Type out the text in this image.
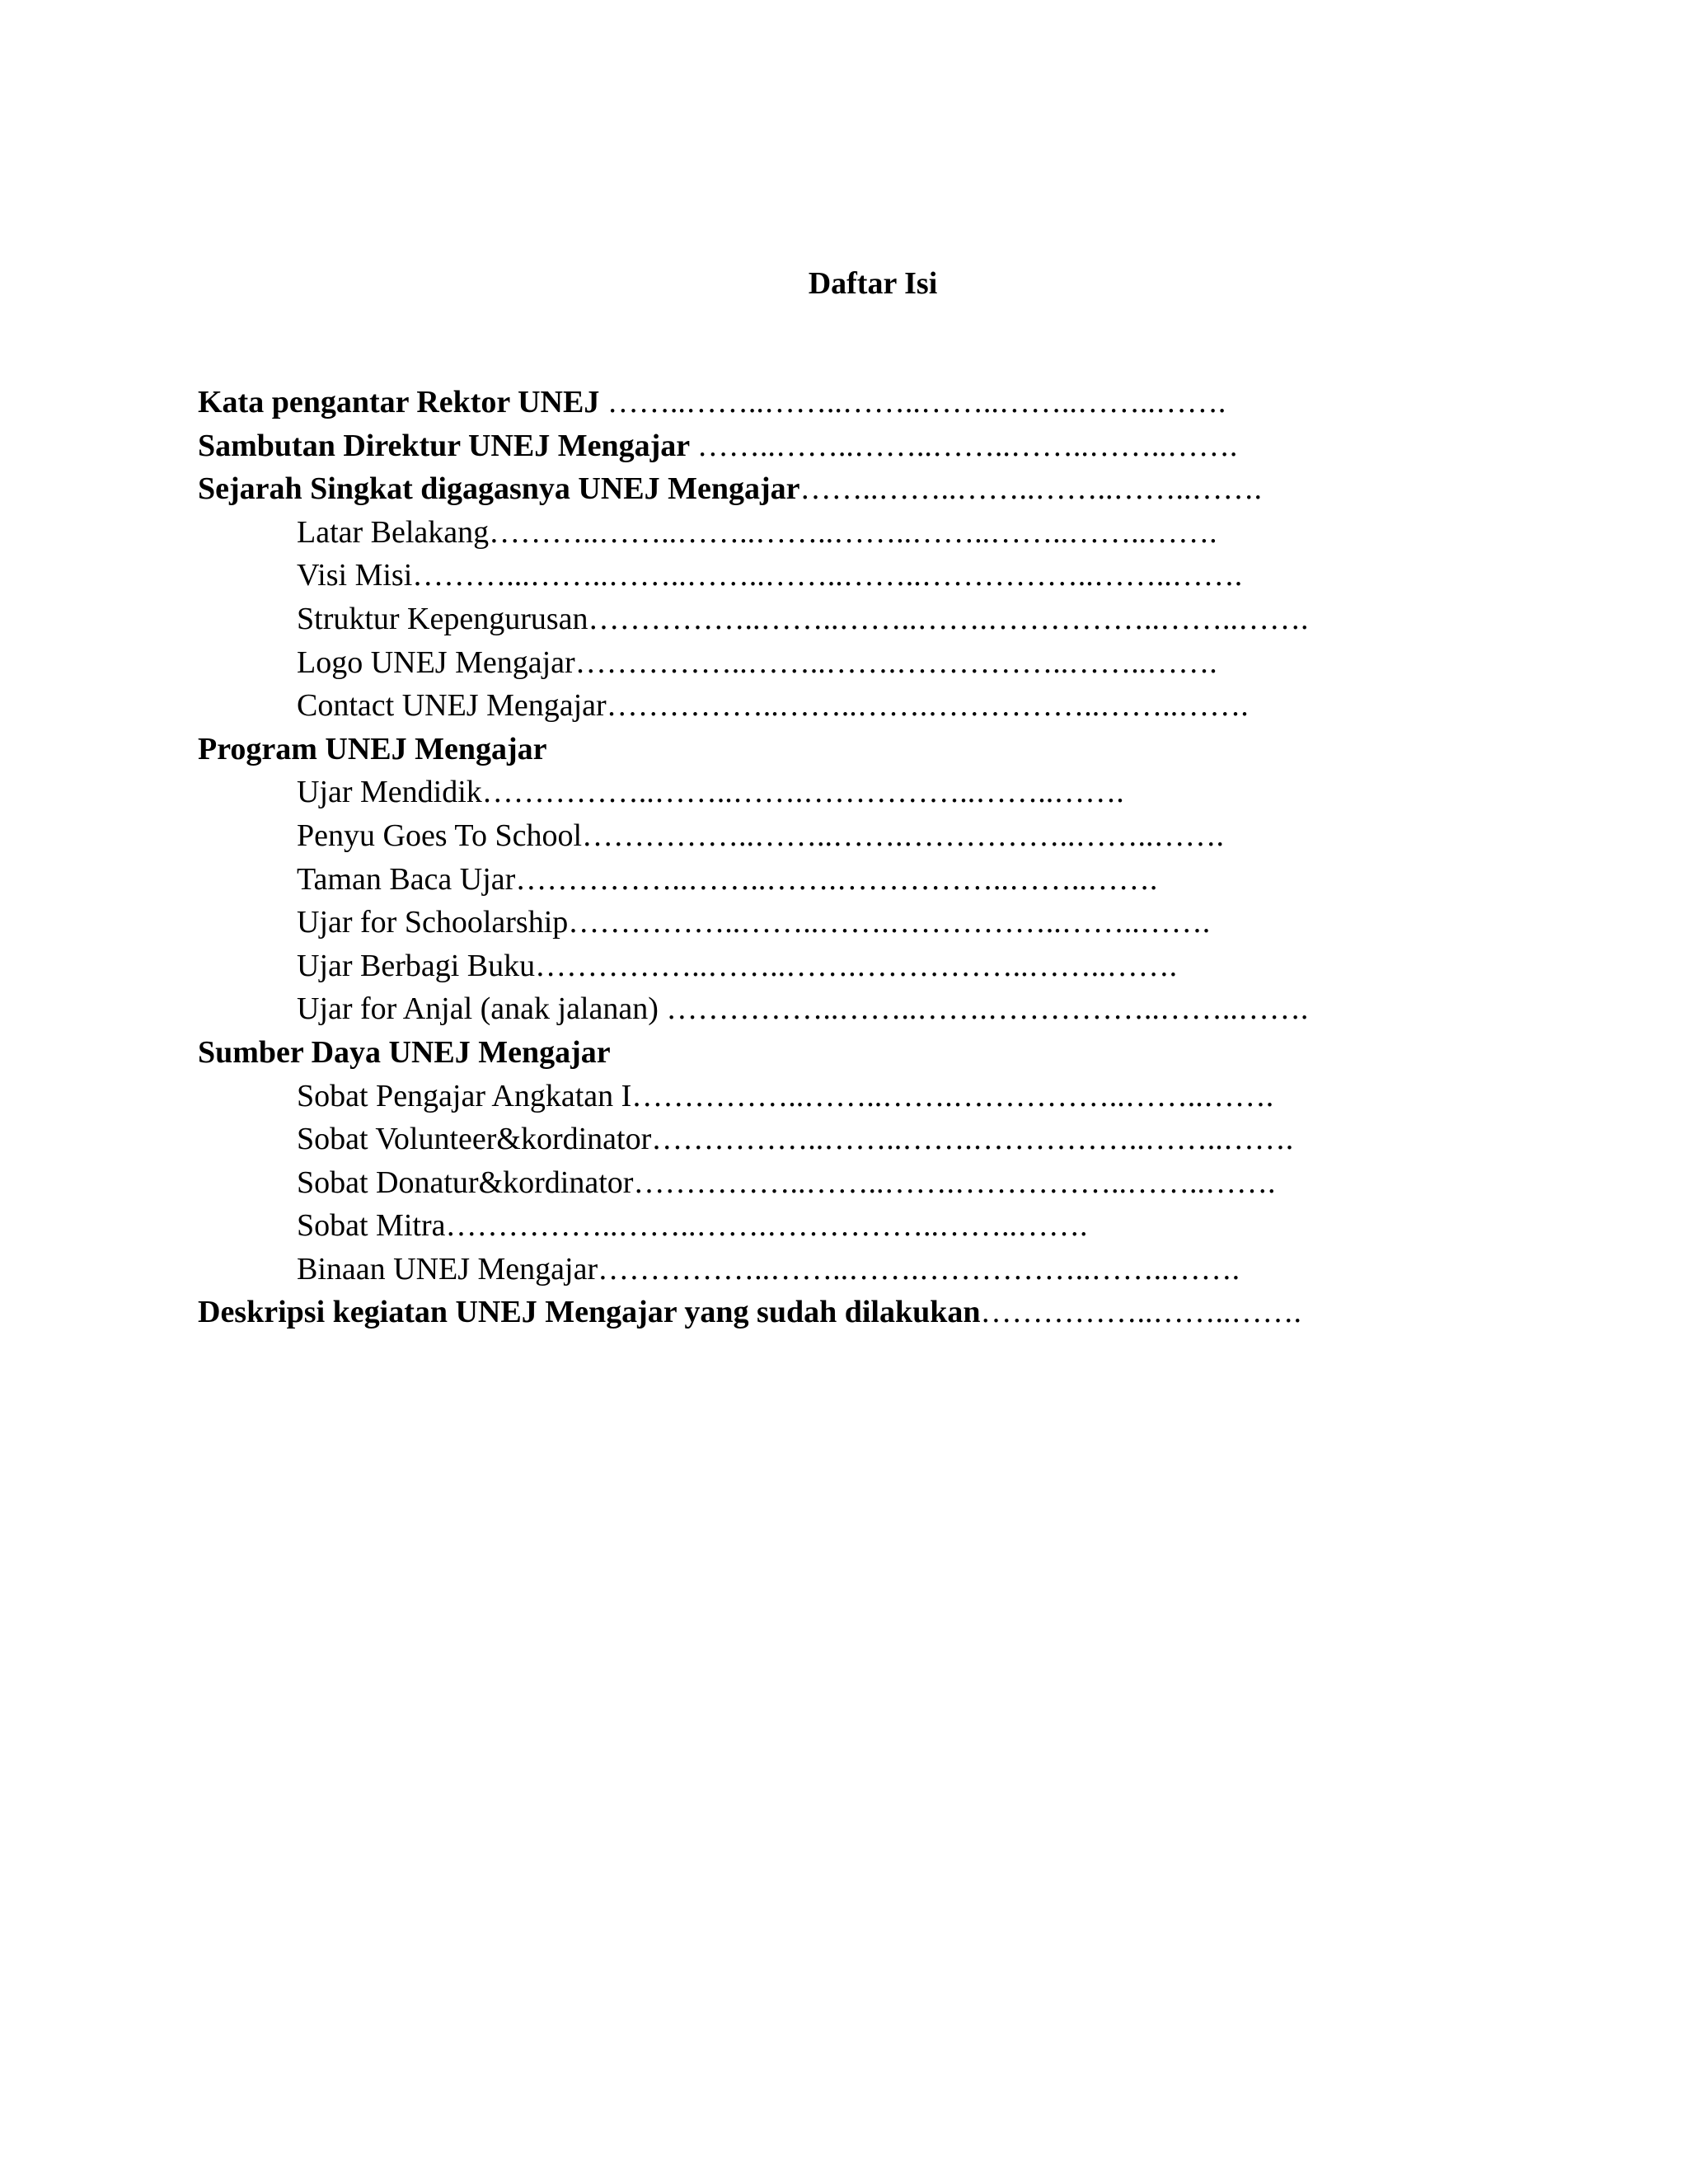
Daftar Isi
Kata pengantar Rektor UNEJ ……..……..……..……..……..……..……..…….
Sambutan Direktur UNEJ Mengajar ……..……..……..……..……..……..…….
Sejarah Singkat digagasnya UNEJ Mengajar……..……..……..……..……..…….
Latar Belakang………..……..……..……..……..……..……..……..…….
Visi Misi………...……..……..……..……..……..……………..……..…….
Struktur Kepengurusan……………..……..……..…….……………..……..…….
Logo UNEJ Mengajar……………..……..…….……………..……..…….
Contact UNEJ Mengajar……………..……..…….……………..……..…….
Program UNEJ Mengajar
Ujar Mendidik……………..……..…….……………..……..…….
Penyu Goes To School……………..……..…….……………..……..…….
Taman Baca Ujar……………..……..…….……………..……..…….
Ujar for Schoolarship……………..……..…….……………..……..…….
Ujar Berbagi Buku……………..……..…….……………..……..…….
Ujar for Anjal (anak jalanan) ……………..……..…….……………..……..…….
Sumber Daya UNEJ Mengajar
Sobat Pengajar Angkatan I……………..……..…….……………..……..…….
Sobat Volunteer&kordinator……………..……..…….……………..……..…….
Sobat Donatur&kordinator……………..……..…….……………..……..…….
Sobat Mitra……………..……..…….……………..……..…….
Binaan UNEJ Mengajar……………..……..…….……………..……..…….
Deskripsi kegiatan UNEJ Mengajar yang sudah dilakukan……………..……..…….
